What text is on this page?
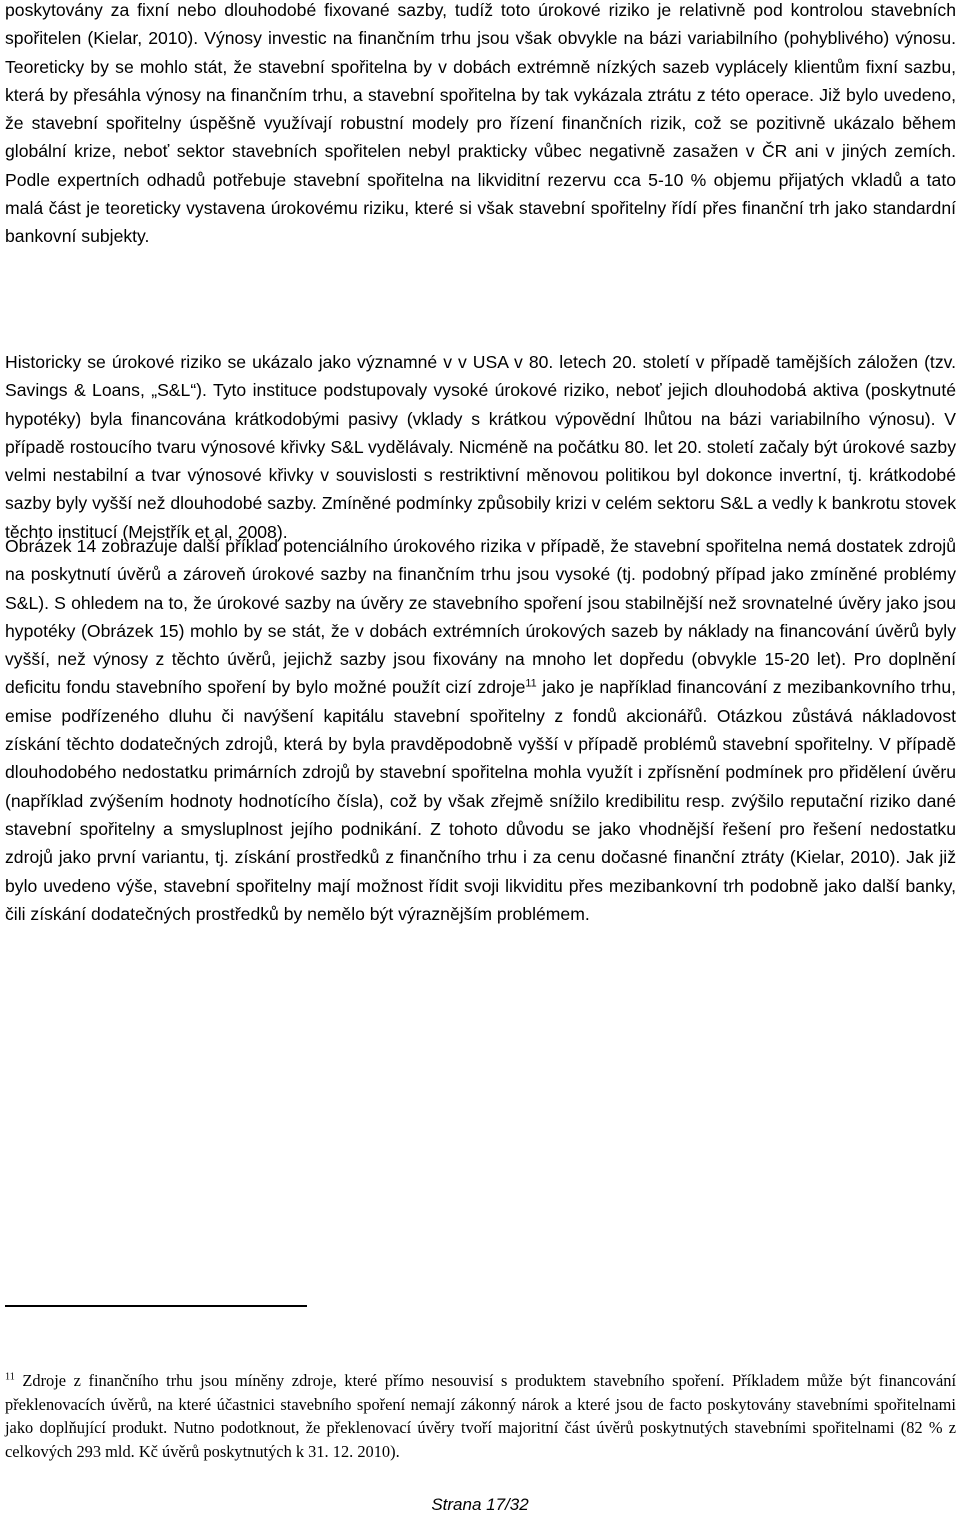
poskytovány za fixní nebo dlouhodobé fixované sazby, tudíž toto úrokové riziko je relativně pod kontrolou stavebních spořitelen (Kielar, 2010). Výnosy investic na finančním trhu jsou však obvykle na bázi variabilního (pohyblivého) výnosu. Teoreticky by se mohlo stát, že stavební spořitelna by v dobách extrémně nízkých sazeb vyplácely klientům fixní sazbu, která by přesáhla výnosy na finančním trhu, a stavební spořitelna by tak vykázala ztrátu z této operace. Již bylo uvedeno, že stavební spořitelny úspěšně využívají robustní modely pro řízení finančních rizik, což se pozitivně ukázalo během globální krize, neboť sektor stavebních spořitelen nebyl prakticky vůbec negativně zasažen v ČR ani v jiných zemích. Podle expertních odhadů potřebuje stavební spořitelna na likviditní rezervu cca 5-10 % objemu přijatých vkladů a tato malá část je teoreticky vystavena úrokovému riziku, které si však stavební spořitelny řídí přes finanční trh jako standardní bankovní subjekty.

Historicky se úrokové riziko se ukázalo jako významné v v USA v 80. letech 20. století v případě tamějších záložen (tzv. Savings & Loans, „S&L“). Tyto instituce podstupovaly vysoké úrokové riziko, neboť jejich dlouhodobá aktiva (poskytnuté hypotéky) byla financována krátkodobými pasivy (vklady s krátkou výpovědní lhůtou na bázi variabilního výnosu). V případě rostoucího tvaru výnosové křivky S&L vydělávaly. Nicméně na počátku 80. let 20. století začaly být úrokové sazby velmi nestabilní a tvar výnosové křivky v souvislosti s restriktivní měnovou politikou byl dokonce invertní, tj. krátkodobé sazby byly vyšší než dlouhodobé sazby. Zmíněné podmínky způsobily krizi v celém sektoru S&L a vedly k bankrotu stovek těchto institucí (Mejstřík et al, 2008).

Obrázek 14 zobrazuje další příklad potenciálního úrokového rizika v případě, že stavební spořitelna nemá dostatek zdrojů na poskytnutí úvěrů a zároveň úrokové sazby na finančním trhu jsou vysoké (tj. podobný případ jako zmíněné problémy S&L). S ohledem na to, že úrokové sazby na úvěry ze stavebního spoření jsou stabilnější než srovnatelné úvěry jako jsou hypotéky (Obrázek 15) mohlo by se stát, že v dobách extrémních úrokových sazeb by náklady na financování úvěrů byly vyšší, než výnosy z těchto úvěrů, jejichž sazby jsou fixovány na mnoho let dopředu (obvykle 15-20 let). Pro doplnění deficitu fondu stavebního spoření by bylo možné použít cizí zdroje$^{11}$ jako je například financování z mezibankovního trhu, emise podřízeného dluhu či navýšení kapitálu stavební spořitelny z fondů akcionářů. Otázkou zůstává nákladovost získání těchto dodatečných zdrojů, která by byla pravděpodobně vyšší v případě problémů stavební spořitelny. V případě dlouhodobého nedostatku primárních zdrojů by stavební spořitelna mohla využít i zpřísnění podmínek pro přidělení úvěru (například zvýšením hodnoty hodnotícího čísla), což by však zřejmě snížilo kredibilitu resp. zvýšilo reputační riziko dané stavební spořitelny a smysluplnost jejího podnikání. Z tohoto důvodu se jako vhodnější řešení pro řešení nedostatku zdrojů jako první variantu, tj. získání prostředků z finančního trhu i za cenu dočasné finanční ztráty (Kielar, 2010). Jak již bylo uvedeno výše, stavební spořitelny mají možnost řídit svoji likviditu přes mezibankovní trh podobně jako další banky, čili získání dodatečných prostředků by nemělo být výraznějším problémem.

$^{11}$ Zdroje z finančního trhu jsou míněny zdroje, které přímo nesouvisí s produktem stavebního spoření. Příkladem může být financování překlenovacích úvěrů, na které účastnici stavebního spoření nemají zákonný nárok a které jsou de facto poskytovány stavebními spořitelnami jako doplňující produkt. Nutno podotknout, že překlenovací úvěry tvoří majoritní část úvěrů poskytnutých stavebními spořitelnami (82 % z celkových 293 mld. Kč úvěrů poskytnutých k 31. 12. 2010).

Strana 17/32
